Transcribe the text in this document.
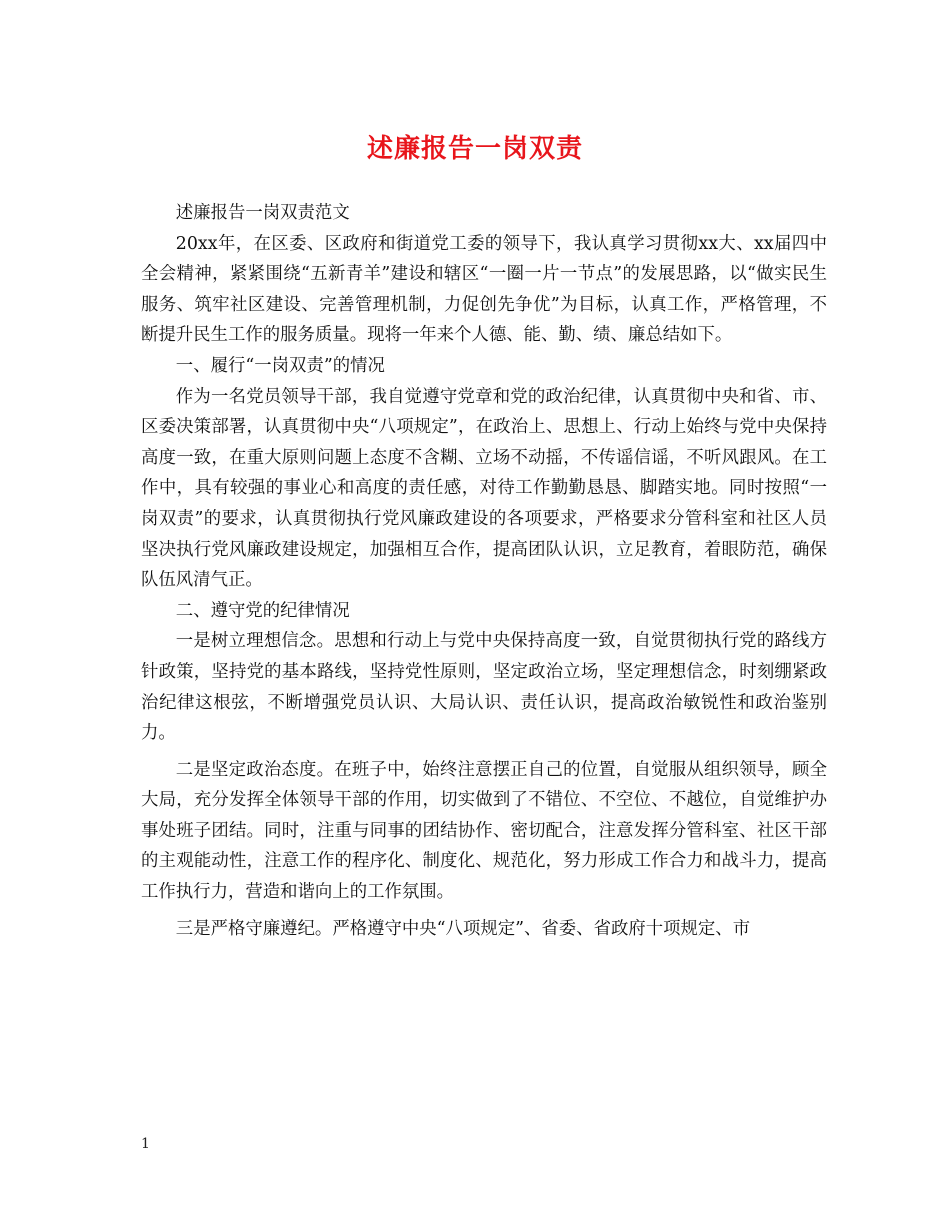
述廉报告一岗双责

述廉报告一岗双责范文

20xx年，在区委、区政府和街道党工委的领导下，我认真学习贯彻xx大、xx届四中全会精神，紧紧围绕“五新青羊”建设和辖区“一圈一片一节点”的发展思路，以“做实民生服务、筑牢社区建设、完善管理机制，力促创先争优”为目标，认真工作，严格管理，不断提升民生工作的服务质量。现将一年来个人德、能、勤、绩、廉总结如下。

一、履行“一岗双责”的情况

作为一名党员领导干部，我自觉遵守党章和党的政治纪律，认真贯彻中央和省、市、区委决策部署，认真贯彻中央“八项规定”，在政治上、思想上、行动上始终与党中央保持高度一致，在重大原则问题上态度不含糊、立场不动摇，不传谣信谣，不听风跟风。在工作中，具有较强的事业心和高度的责任感，对待工作勤勤恳恳、脚踏实地。同时按照“一岗双责”的要求，认真贯彻执行党风廉政建设的各项要求，严格要求分管科室和社区人员坚决执行党风廉政建设规定，加强相互合作，提高团队认识，立足教育，着眼防范，确保队伍风清气正。

二、遵守党的纪律情况

一是树立理想信念。思想和行动上与党中央保持高度一致，自觉贯彻执行党的路线方针政策，坚持党的基本路线，坚持党性原则，坚定政治立场，坚定理想信念，时刻绷紧政治纪律这根弦，不断增强党员认识、大局认识、责任认识，提高政治敏锐性和政治鉴别力。

二是坚定政治态度。在班子中，始终注意摆正自己的位置，自觉服从组织领导，顾全大局，充分发挥全体领导干部的作用，切实做到了不错位、不空位、不越位，自觉维护办事处班子团结。同时，注重与同事的团结协作、密切配合，注意发挥分管科室、社区干部的主观能动性，注意工作的程序化、制度化、规范化，努力形成工作合力和战斗力，提高工作执行力，营造和谐向上的工作氛围。

三是严格守廉遵纪。严格遵守中央“八项规定”、省委、省政府十项规定、市

1
